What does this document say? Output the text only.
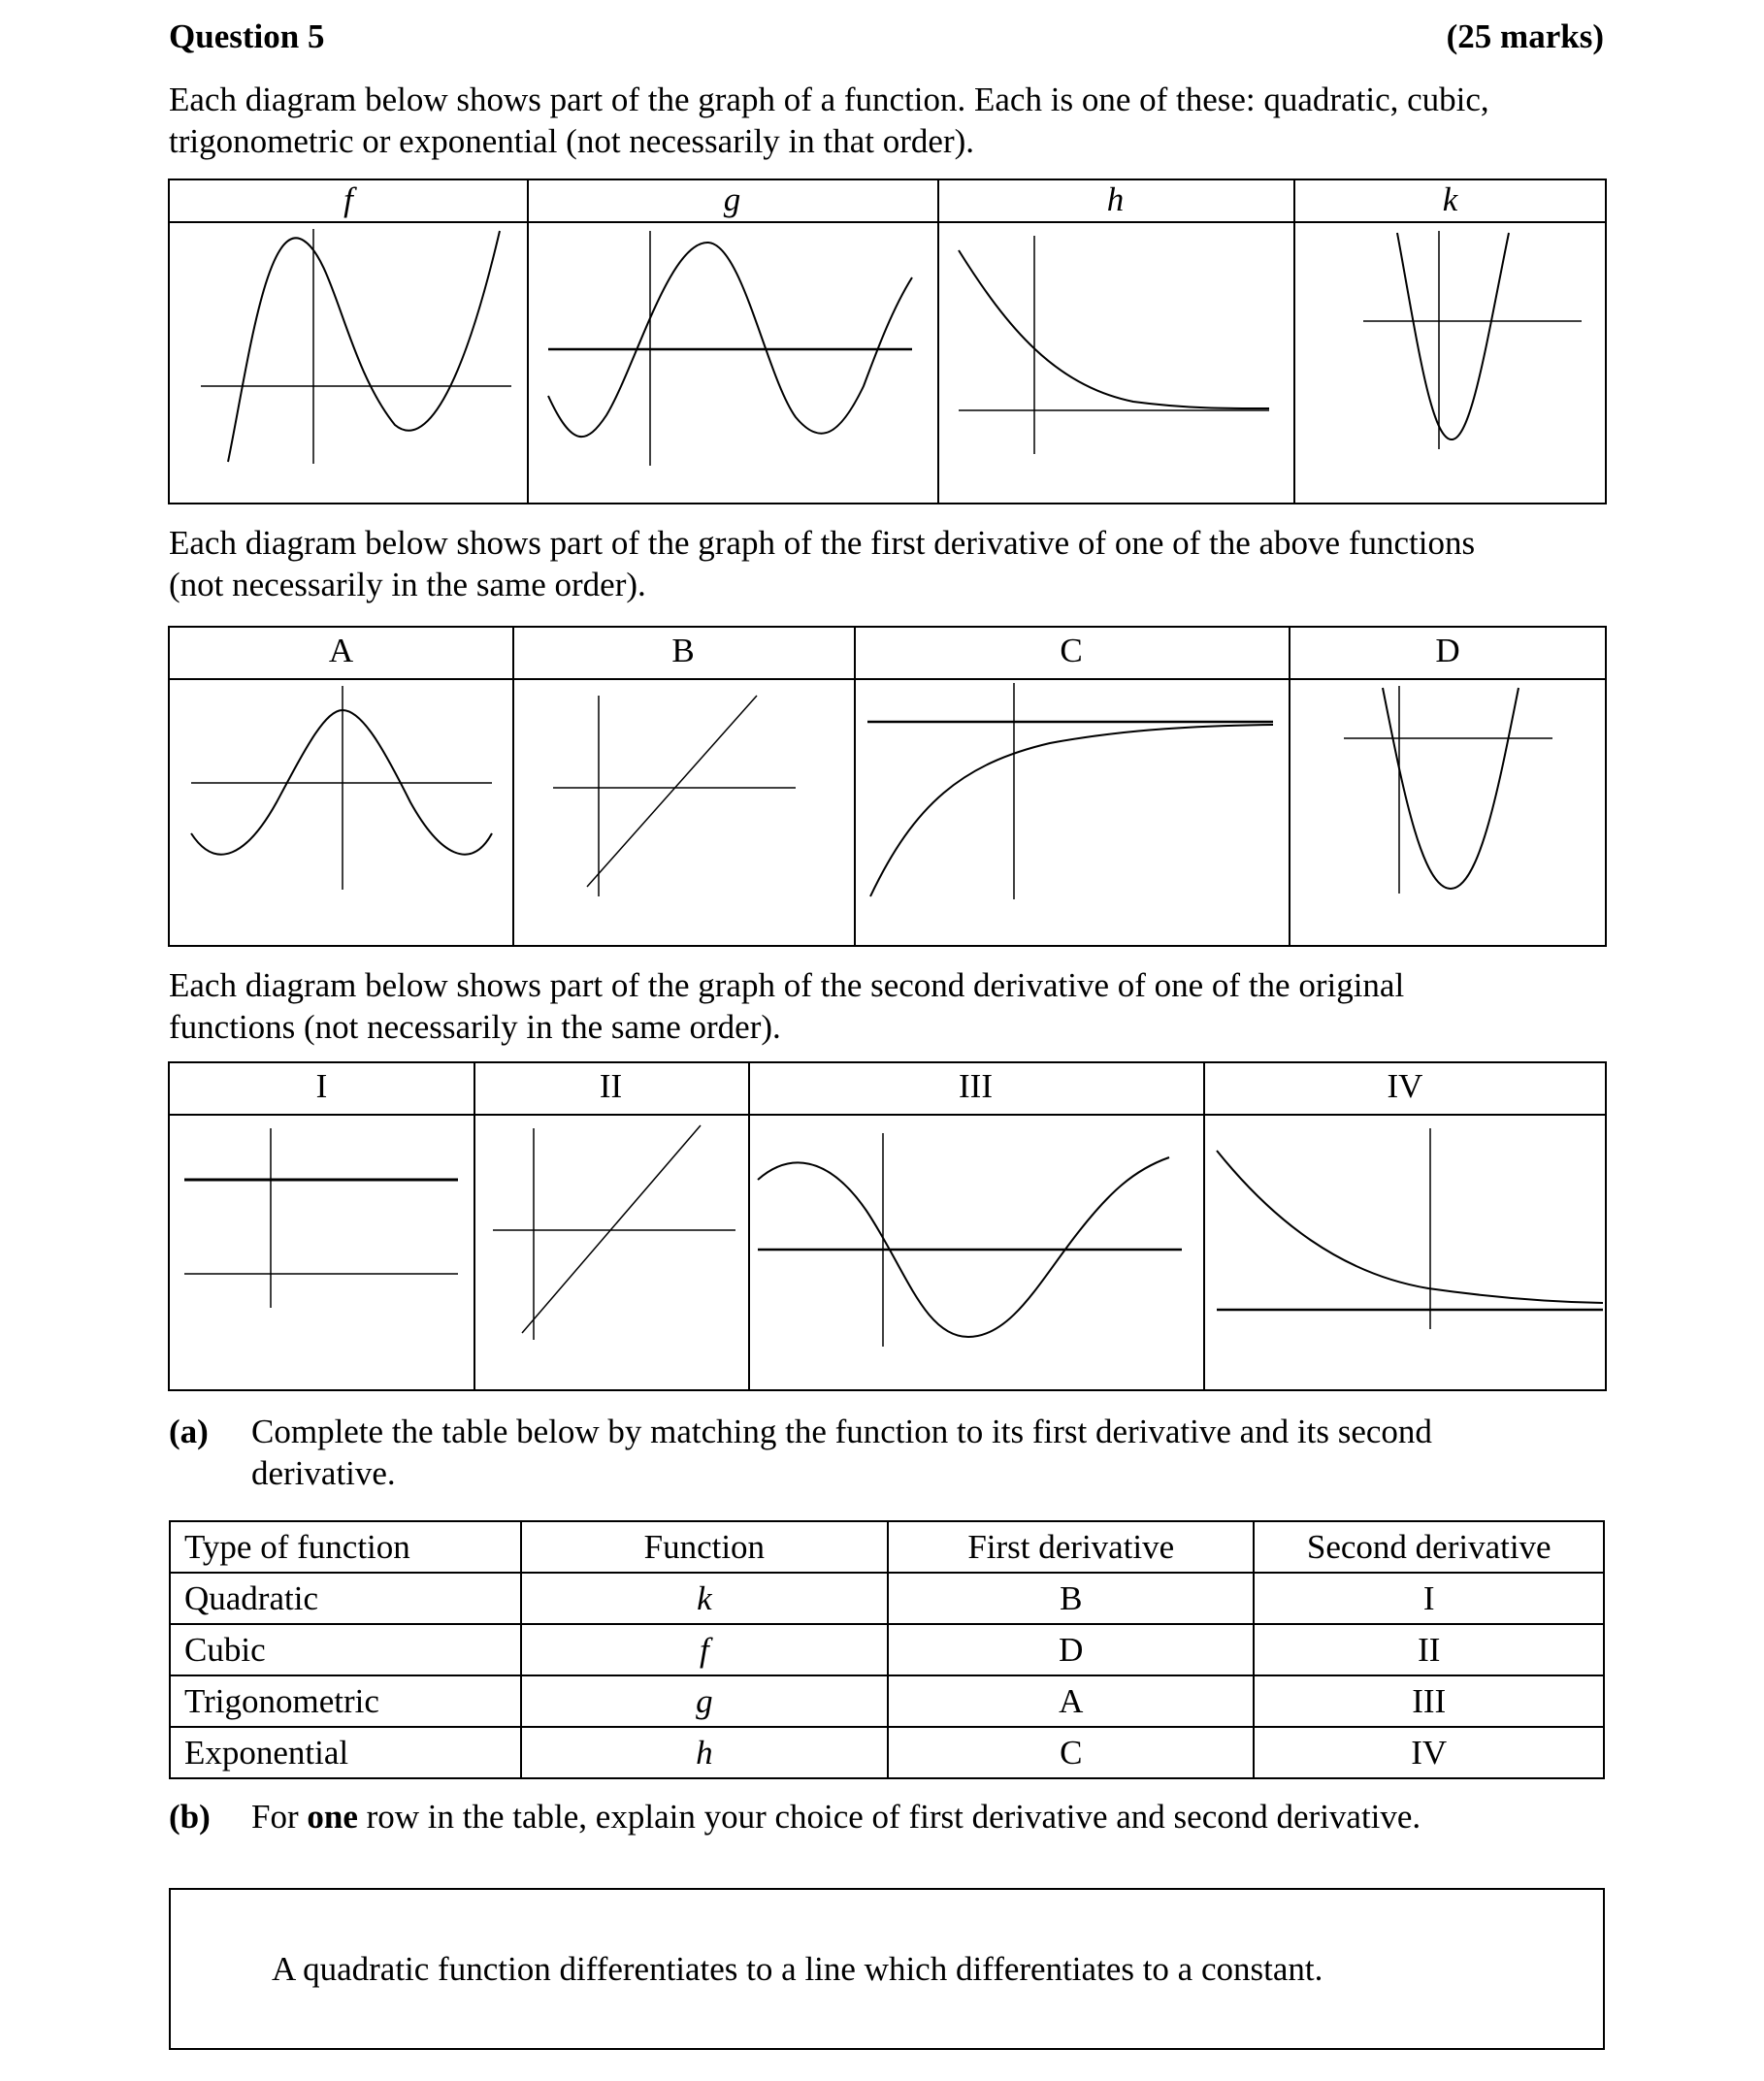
Question 5	(25 marks)
Each diagram below shows part of the graph of a function. Each is one of these: quadratic, cubic,
trigonometric or exponential (not necessarily in that order).
f	g	h	k
Each diagram below shows part of the graph of the first derivative of one of the above functions
(not necessarily in the same order).
A	B	C	D
Each diagram below shows part of the graph of the second derivative of one of the original
functions (not necessarily in the same order).
I	II	III	IV
(a) Complete the table below by matching the function to its first derivative and its second
derivative.
Type of function	Function	First derivative	Second derivative
Quadratic	k	B	I
Cubic	f	D	II
Trigonometric	g	A	III
Exponential	h	C	IV
(b) For one row in the table, explain your choice of first derivative and second derivative.
A quadratic function differentiates to a line which differentiates to a constant.
